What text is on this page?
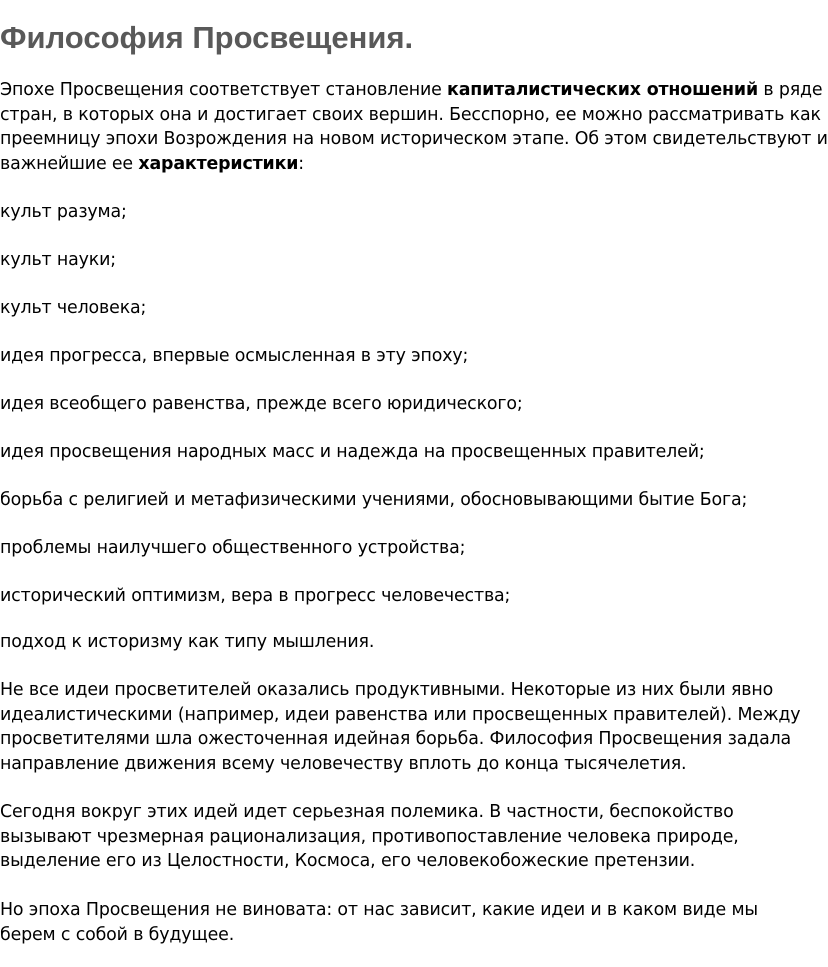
Философия Просвещения.

Эпохе Просвещения соответствует становление капиталистических отношений в ряде
стран, в которых она и достигает своих вершин. Бесспорно, ее можно рассматривать как
преемницу эпохи Возрождения на новом историческом этапе. Об этом свидетельствуют и
важнейшие ее характеристики:

культ разума;

культ науки;

культ человека;

идея прогресса, впервые осмысленная в эту эпоху;

идея всеобщего равенства, прежде всего юридического;

идея просвещения народных масс и надежда на просвещенных правителей;

борьба с религией и метафизическими учениями, обосновывающими бытие Бога;

проблемы наилучшего общественного устройства;

исторический оптимизм, вера в прогресс человечества;

подход к историзму как типу мышления.

Не все идеи просветителей оказались продуктивными. Некоторые из них были явно
идеалистическими (например, идеи равенства или просвещенных правителей). Между
просветителями шла ожесточенная идейная борьба. Философия Просвещения задала
направление движения всему человечеству вплоть до конца тысячелетия.

Сегодня вокруг этих идей идет серьезная полемика. В частности, беспокойство
вызывают чрезмерная рационализация, противопоставление человека природе,
выделение его из Целостности, Космоса, его человекобожеские претензии.

Но эпоха Просвещения не виновата: от нас зависит, какие идеи и в каком виде мы
берем с собой в будущее.
